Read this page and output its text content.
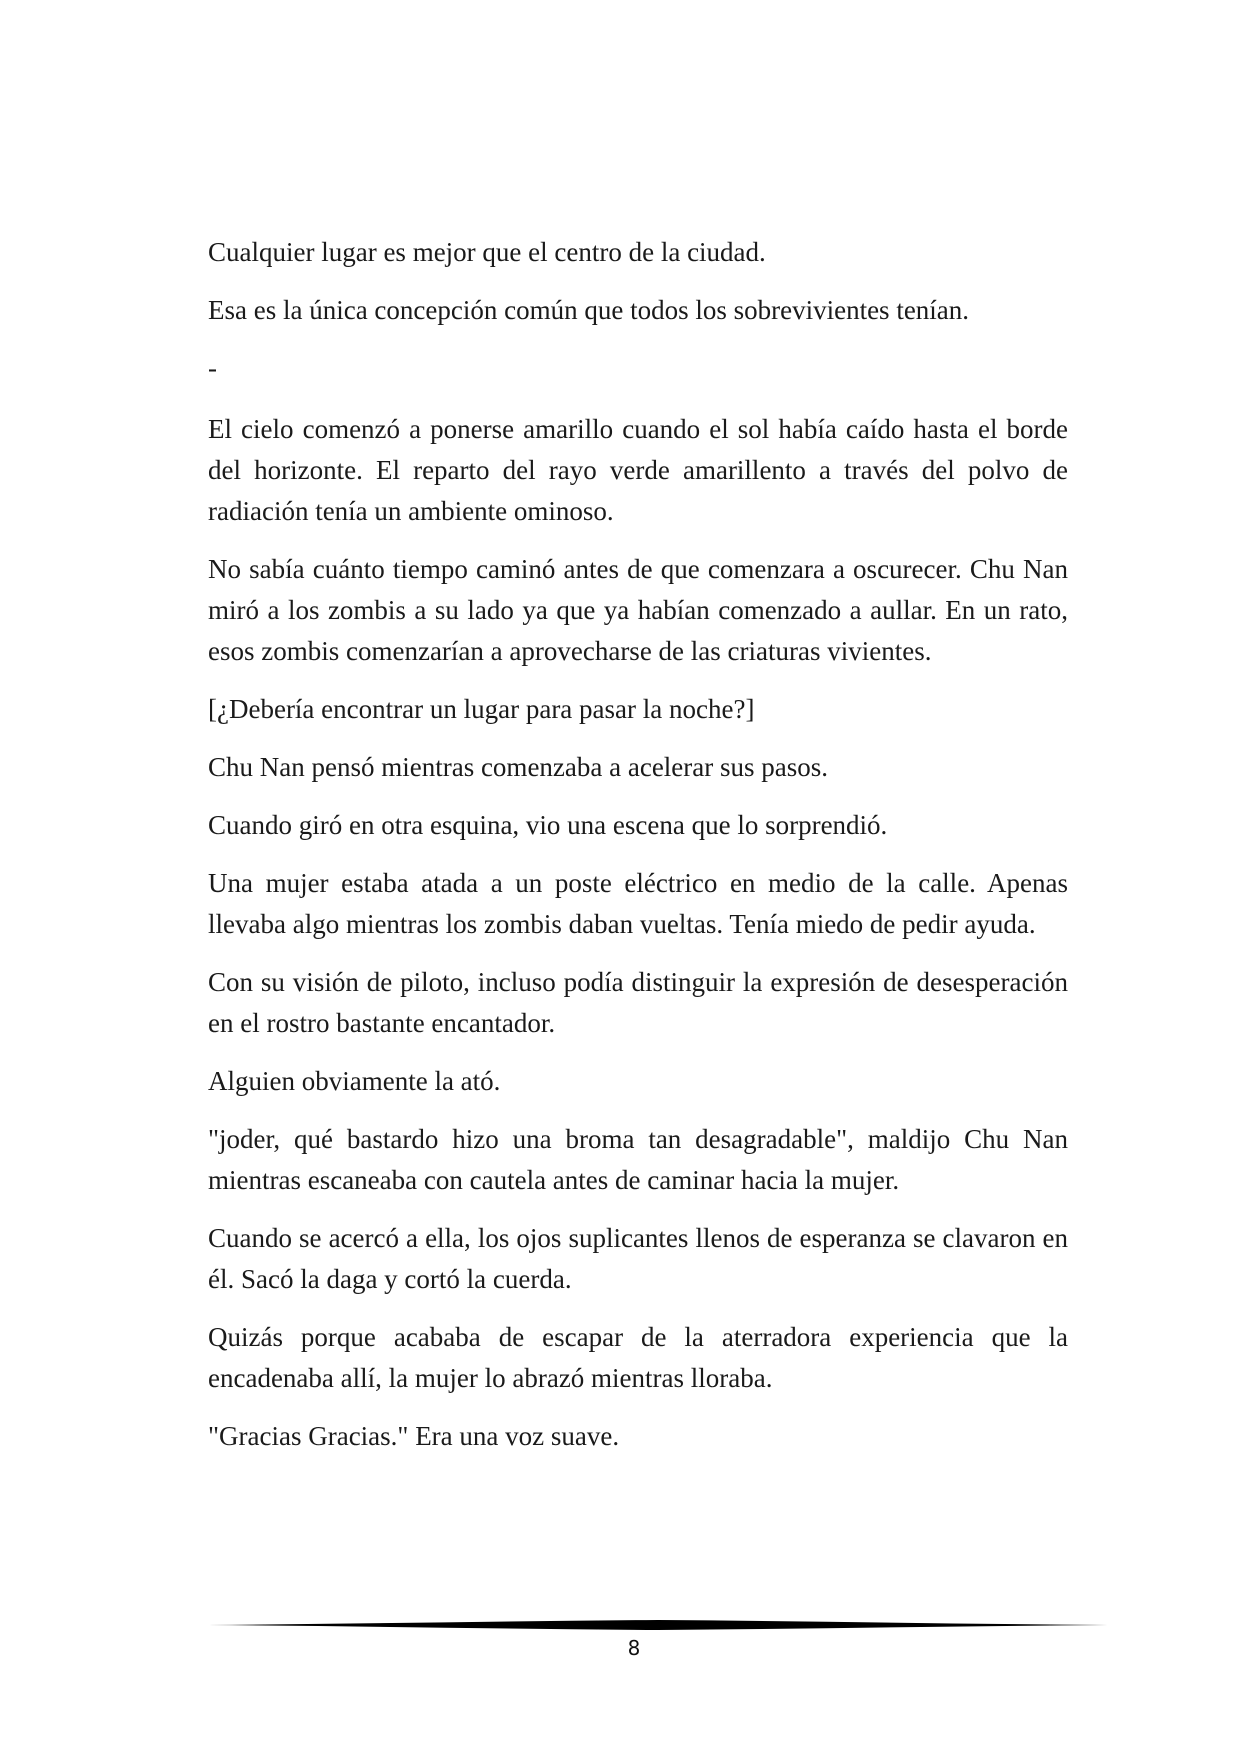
Cualquier lugar es mejor que el centro de la ciudad.

Esa es la única concepción común que todos los sobrevivientes tenían.

-

El cielo comenzó a ponerse amarillo cuando el sol había caído hasta el borde del horizonte. El reparto del rayo verde amarillento a través del polvo de radiación tenía un ambiente ominoso.

No sabía cuánto tiempo caminó antes de que comenzara a oscurecer. Chu Nan miró a los zombis a su lado ya que ya habían comenzado a aullar. En un rato, esos zombis comenzarían a aprovecharse de las criaturas vivientes.

[¿Debería encontrar un lugar para pasar la noche?]

Chu Nan pensó mientras comenzaba a acelerar sus pasos.

Cuando giró en otra esquina, vio una escena que lo sorprendió.

Una mujer estaba atada a un poste eléctrico en medio de la calle. Apenas llevaba algo mientras los zombis daban vueltas. Tenía miedo de pedir ayuda.

Con su visión de piloto, incluso podía distinguir la expresión de desesperación en el rostro bastante encantador.

Alguien obviamente la ató.

"joder, qué bastardo hizo una broma tan desagradable", maldijo Chu Nan mientras escaneaba con cautela antes de caminar hacia la mujer.

Cuando se acercó a ella, los ojos suplicantes llenos de esperanza se clavaron en él. Sacó la daga y cortó la cuerda.

Quizás porque acababa de escapar de la aterradora experiencia que la encadenaba allí, la mujer lo abrazó mientras lloraba.

"Gracias Gracias." Era una voz suave.

8
